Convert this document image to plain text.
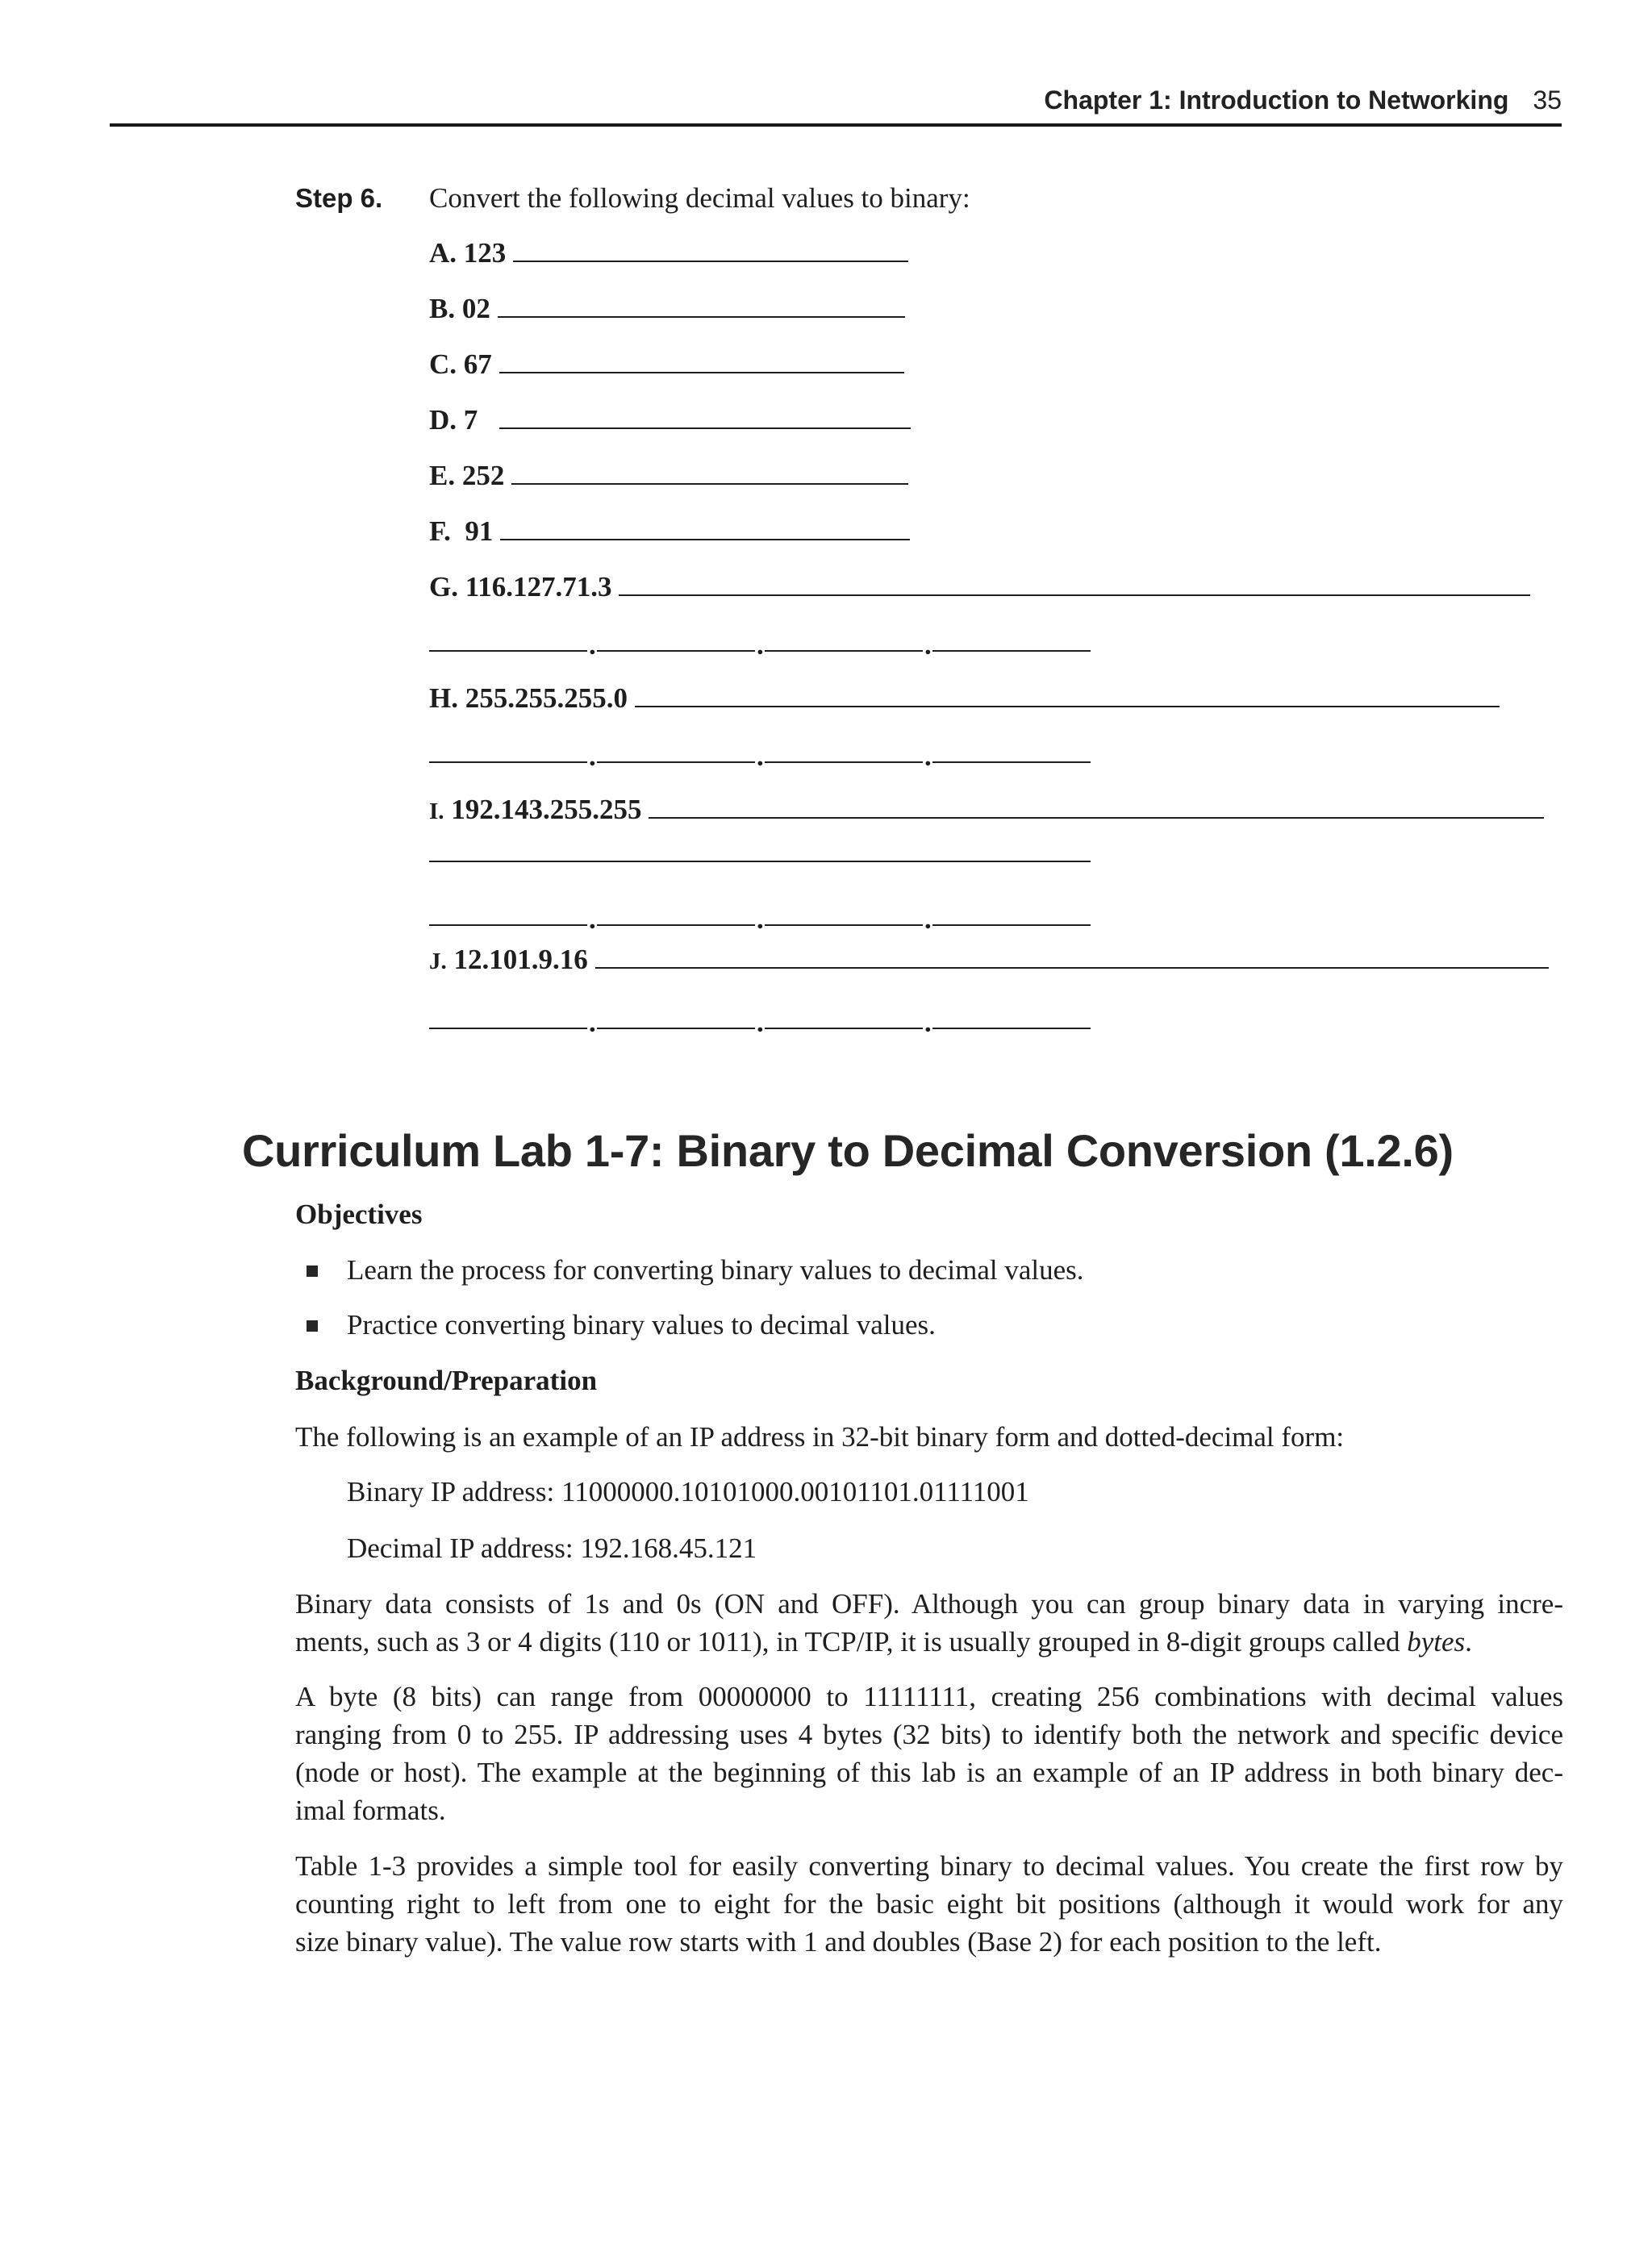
Chapter 1: Introduction to Networking 35
Step 6. Convert the following decimal values to binary:
A. 123
B. 02
C. 67
D. 7
E. 252
F. 91
G. 116.127.71.3
.	.	.
H. 255.255.255.0
.	.	.
I. 192.143.255.255
.	.	.
J. 12.101.9.16
.	.	.
Curriculum Lab 1-7: Binary to Decimal Conversion (1.2.6)
Objectives
Learn the process for converting binary values to decimal values.
Practice converting binary values to decimal values.
Background/Preparation
The following is an example of an IP address in 32-bit binary form and dotted-decimal form:
Binary IP address: 11000000.10101000.00101101.01111001
Decimal IP address: 192.168.45.121
Binary data consists of 1s and 0s (ON and OFF). Although you can group binary data in varying incre-
ments, such as 3 or 4 digits (110 or 1011), in TCP/IP, it is usually grouped in 8-digit groups called bytes.
A byte (8 bits) can range from 00000000 to 11111111, creating 256 combinations with decimal values
ranging from 0 to 255. IP addressing uses 4 bytes (32 bits) to identify both the network and specific device
(node or host). The example at the beginning of this lab is an example of an IP address in both binary dec-
imal formats.
Table 1-3 provides a simple tool for easily converting binary to decimal values. You create the first row by
counting right to left from one to eight for the basic eight bit positions (although it would work for any
size binary value). The value row starts with 1 and doubles (Base 2) for each position to the left.
